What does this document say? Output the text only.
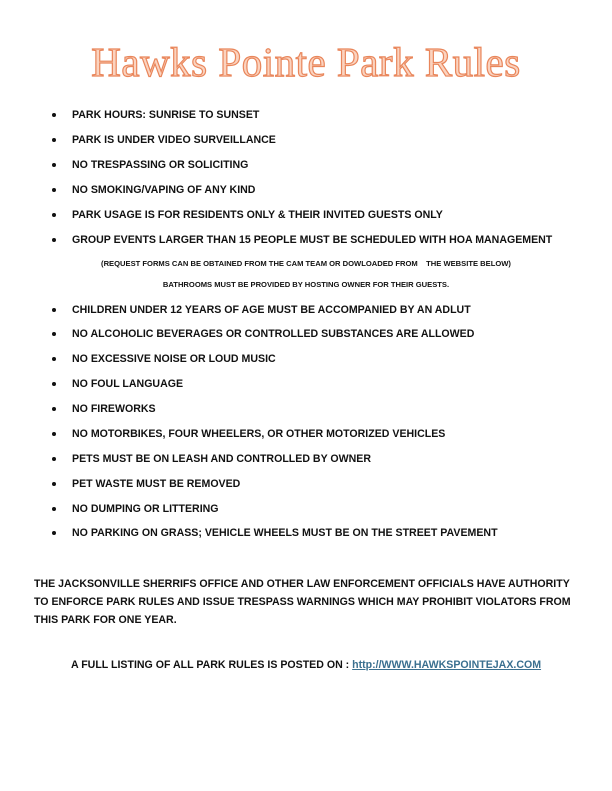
Hawks Pointe Park Rules
PARK HOURS: SUNRISE TO SUNSET
PARK IS UNDER VIDEO SURVEILLANCE
NO TRESPASSING OR SOLICITING
NO SMOKING/VAPING OF ANY KIND
PARK USAGE IS FOR RESIDENTS ONLY & THEIR INVITED GUESTS ONLY
GROUP EVENTS LARGER THAN 15 PEOPLE MUST BE SCHEDULED WITH HOA MANAGEMENT
(REQUEST FORMS CAN BE OBTAINED FROM THE CAM TEAM OR DOWLOADED FROM    THE WEBSITE BELOW)
BATHROOMS MUST BE PROVIDED BY HOSTING OWNER FOR THEIR GUESTS.
CHILDREN UNDER 12 YEARS OF AGE MUST BE ACCOMPANIED BY AN ADLUT
NO ALCOHOLIC BEVERAGES OR CONTROLLED SUBSTANCES ARE ALLOWED
NO EXCESSIVE NOISE OR LOUD MUSIC
NO FOUL LANGUAGE
NO FIREWORKS
NO MOTORBIKES, FOUR WHEELERS, OR OTHER MOTORIZED VEHICLES
PETS MUST BE ON LEASH AND CONTROLLED BY OWNER
PET WASTE MUST BE REMOVED
NO DUMPING OR LITTERING
NO PARKING ON GRASS; VEHICLE WHEELS MUST BE ON THE STREET PAVEMENT
THE JACKSONVILLE SHERRIFS OFFICE AND OTHER LAW ENFORCEMENT OFFICIALS HAVE AUTHORITY TO ENFORCE PARK RULES AND ISSUE TRESPASS WARNINGS WHICH MAY PROHIBIT VIOLATORS FROM THIS PARK FOR ONE YEAR.
A FULL LISTING OF ALL PARK RULES IS POSTED ON : http://WWW.HAWKSPOINTEJAX.COM
